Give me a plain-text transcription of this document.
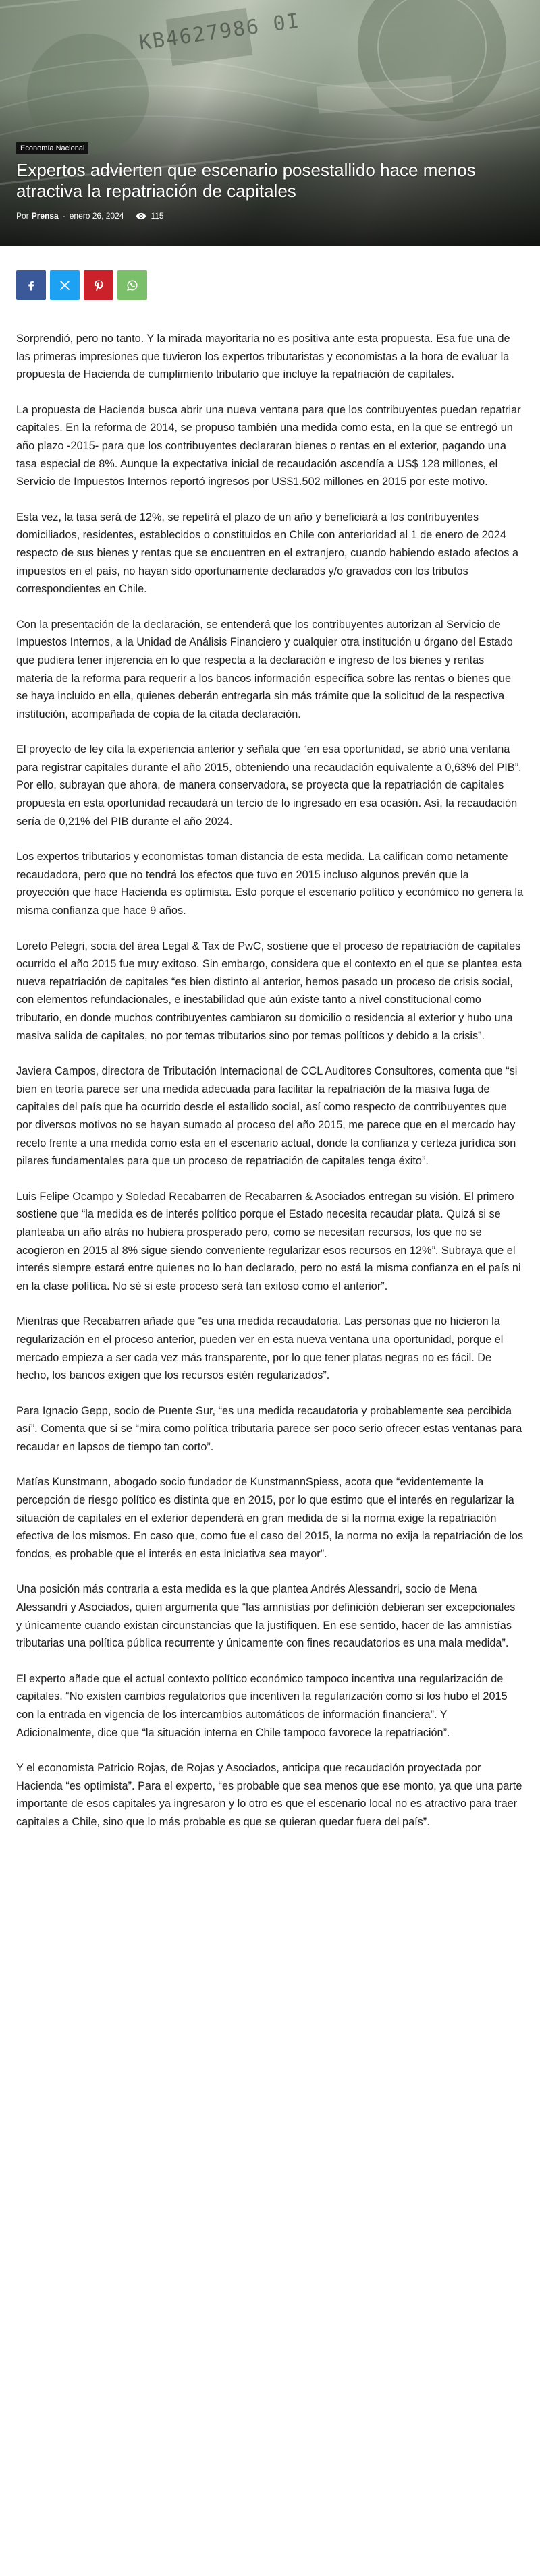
KB4627986 0I
Economía Nacional
Expertos advierten que escenario posestallido hace menos atractiva la repatriación de capitales
Por Prensa - enero 26, 2024	115

Sorprendió, pero no tanto. Y la mirada mayoritaria no es positiva ante esta propuesta. Esa fue una de las primeras impresiones que tuvieron los expertos tributaristas y economistas a la hora de evaluar la propuesta de Hacienda de cumplimiento tributario que incluye la repatriación de capitales.

La propuesta de Hacienda busca abrir una nueva ventana para que los contribuyentes puedan repatriar capitales. En la reforma de 2014, se propuso también una medida como esta, en la que se entregó un año plazo -2015- para que los contribuyentes declararan bienes o rentas en el exterior, pagando una tasa especial de 8%. Aunque la expectativa inicial de recaudación ascendía a US$ 128 millones, el Servicio de Impuestos Internos reportó ingresos por US$1.502 millones en 2015 por este motivo.

Esta vez, la tasa será de 12%, se repetirá el plazo de un año y beneficiará a los contribuyentes domiciliados, residentes, establecidos o constituidos en Chile con anterioridad al 1 de enero de 2024 respecto de sus bienes y rentas que se encuentren en el extranjero, cuando habiendo estado afectos a impuestos en el país, no hayan sido oportunamente declarados y/o gravados con los tributos correspondientes en Chile.

Con la presentación de la declaración, se entenderá que los contribuyentes autorizan al Servicio de Impuestos Internos, a la Unidad de Análisis Financiero y cualquier otra institución u órgano del Estado que pudiera tener injerencia en lo que respecta a la declaración e ingreso de los bienes y rentas materia de la reforma para requerir a los bancos información específica sobre las rentas o bienes que se haya incluido en ella, quienes deberán entregarla sin más trámite que la solicitud de la respectiva institución, acompañada de copia de la citada declaración.

El proyecto de ley cita la experiencia anterior y señala que “en esa oportunidad, se abrió una ventana para registrar capitales durante el año 2015, obteniendo una recaudación equivalente a 0,63% del PIB”. Por ello, subrayan que ahora, de manera conservadora, se proyecta que la repatriación de capitales propuesta en esta oportunidad recaudará un tercio de lo ingresado en esa ocasión. Así, la recaudación sería de 0,21% del PIB durante el año 2024.

Los expertos tributarios y economistas toman distancia de esta medida. La califican como netamente recaudadora, pero que no tendrá los efectos que tuvo en 2015 incluso algunos prevén que la proyección que hace Hacienda es optimista. Esto porque el escenario político y económico no genera la misma confianza que hace 9 años.

Loreto Pelegri, socia del área Legal & Tax de PwC, sostiene que el proceso de repatriación de capitales ocurrido el año 2015 fue muy exitoso. Sin embargo, considera que el contexto en el que se plantea esta nueva repatriación de capitales “es bien distinto al anterior, hemos pasado un proceso de crisis social, con elementos refundacionales, e inestabilidad que aún existe tanto a nivel constitucional como tributario, en donde muchos contribuyentes cambiaron su domicilio o residencia al exterior y hubo una masiva salida de capitales, no por temas tributarios sino por temas políticos y debido a la crisis”.

Javiera Campos, directora de Tributación Internacional de CCL Auditores Consultores, comenta que “si bien en teoría parece ser una medida adecuada para facilitar la repatriación de la masiva fuga de capitales del país que ha ocurrido desde el estallido social, así como respecto de contribuyentes que por diversos motivos no se hayan sumado al proceso del año 2015, me parece que en el mercado hay recelo frente a una medida como esta en el escenario actual, donde la confianza y certeza jurídica son pilares fundamentales para que un proceso de repatriación de capitales tenga éxito”.

Luis Felipe Ocampo y Soledad Recabarren de Recabarren & Asociados entregan su visión. El primero sostiene que “la medida es de interés político porque el Estado necesita recaudar plata. Quizá si se planteaba un año atrás no hubiera prosperado pero, como se necesitan recursos, los que no se acogieron en 2015 al 8% sigue siendo conveniente regularizar esos recursos en 12%”. Subraya que el interés siempre estará entre quienes no lo han declarado, pero no está la misma confianza en el país ni en la clase política. No sé si este proceso será tan exitoso como el anterior”.

Mientras que Recabarren añade que “es una medida recaudatoria. Las personas que no hicieron la regularización en el proceso anterior, pueden ver en esta nueva ventana una oportunidad, porque el mercado empieza a ser cada vez más transparente, por lo que tener platas negras no es fácil. De hecho, los bancos exigen que los recursos estén regularizados”.

Para Ignacio Gepp, socio de Puente Sur, “es una medida recaudatoria y probablemente sea percibida así”. Comenta que si se “mira como política tributaria parece ser poco serio ofrecer estas ventanas para recaudar en lapsos de tiempo tan corto”.

Matías Kunstmann, abogado socio fundador de KunstmannSpiess, acota que “evidentemente la percepción de riesgo político es distinta que en 2015, por lo que estimo que el interés en regularizar la situación de capitales en el exterior dependerá en gran medida de si la norma exige la repatriación efectiva de los mismos. En caso que, como fue el caso del 2015, la norma no exija la repatriación de los fondos, es probable que el interés en esta iniciativa sea mayor”.

Una posición más contraria a esta medida es la que plantea Andrés Alessandri, socio de Mena Alessandri y Asociados, quien argumenta que “las amnistías por definición debieran ser excepcionales y únicamente cuando existan circunstancias que la justifiquen. En ese sentido, hacer de las amnistías tributarias una política pública recurrente y únicamente con fines recaudatorios es una mala medida”.

El experto añade que el actual contexto político económico tampoco incentiva una regularización de capitales. “No existen cambios regulatorios que incentiven la regularización como si los hubo el 2015 con la entrada en vigencia de los intercambios automáticos de información financiera”. Y Adicionalmente, dice que “la situación interna en Chile tampoco favorece la repatriación”.

Y el economista Patricio Rojas, de Rojas y Asociados, anticipa que recaudación proyectada por Hacienda “es optimista”. Para el experto, “es probable que sea menos que ese monto, ya que una parte importante de esos capitales ya ingresaron y lo otro es que el escenario local no es atractivo para traer capitales a Chile, sino que lo más probable es que se quieran quedar fuera del país”.
